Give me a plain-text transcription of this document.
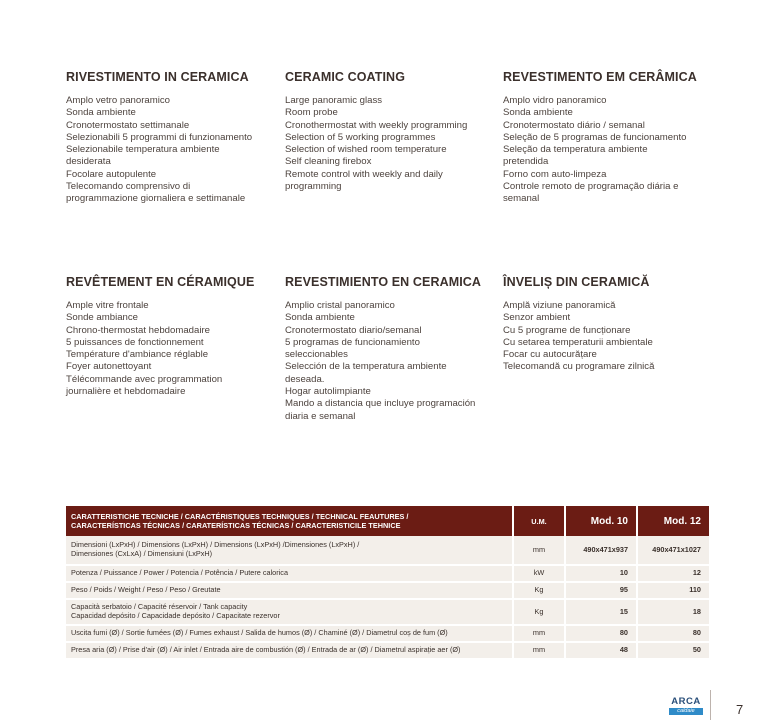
RIVESTIMENTO IN CERAMICA
Amplo vetro panoramico
Sonda ambiente
Cronotermostato settimanale
Selezionabili 5 programmi di funzionamento
Selezionabile temperatura ambiente
desiderata
Focolare autopulente
Telecomando comprensivo di
programmazione giornaliera e settimanale
CERAMIC COATING
Large panoramic glass
Room probe
Cronothermostat with weekly programming
Selection of 5 working programmes
Selection of wished room temperature
Self cleaning firebox
Remote control with weekly and daily
programming
REVESTIMENTO EM CERÂMICA
Amplo vidro panoramico
Sonda ambiente
Cronotermostato diário / semanal
Seleção de 5 programas de funcionamento
Seleção da temperatura ambiente
pretendida
Forno com auto-limpeza
Controle remoto de programação diária e
semanal
REVÊTEMENT EN CÉRAMIQUE
Ample vitre frontale
Sonde ambiance
Chrono-thermostat hebdomadaire
5 puissances de fonctionnement
Température d'ambiance réglable
Foyer autonettoyant
Télécommande avec programmation
journalière et hebdomadaire
REVESTIMIENTO EN CERAMICA
Amplio cristal panoramico
Sonda ambiente
Cronotermostato diario/semanal
5 programas de funcionamiento
seleccionables
Selección de la temperatura ambiente
deseada.
Hogar autolimpiante
Mando a distancia que incluye programación
diaria e semanal
ÎNVELIȘ DIN CERAMICĂ
Amplă viziune panoramică
Senzor ambient
Cu 5 programe de funcționare
Cu setarea temperaturii ambientale
Focar cu autocurățare
Telecomandă cu programare zilnică
CARATTERISTICHE TECNICHE / CARACTÉRISTIQUES TECHNIQUES / TECHNICAL FEAUTURES /
CARACTERÍSTICAS TÉCNICAS / CARATERÍSTICAS TÉCNICAS / CARACTERISTICILE TEHNICE	U.M.	Mod. 10	Mod. 12

Dimensioni (LxPxH) / Dimensions (LxPxH) / Dimensions (LxPxH) /Dimensiones (LxPxH) /
Dimensiones (CxLxA) / Dimensiuni (LxPxH)	mm	490x471x937	490x471x1027

Potenza / Puissance / Power / Potencia / Potência / Putere calorica	kW	10	12

Peso / Poids / Weight / Peso / Peso / Greutate	Kg	95	110

Capacità serbatoio / Capacité réservoir / Tank capacity
Capacidad depósito / Capacidade depósito / Capacitate rezervor	Kg	15	18

Uscita fumi (Ø) / Sortie fumées (Ø) / Fumes exhaust / Salida de humos (Ø) / Chaminé (Ø) / Diametrul coș de fum (Ø)	mm	80	80

Presa aria (Ø) / Prise d'air (Ø) / Air inlet / Entrada aire de combustión (Ø) / Entrada de ar (Ø) / Diametrul aspirație aer (Ø)	mm	48	50
ARCA
caldaie	7
